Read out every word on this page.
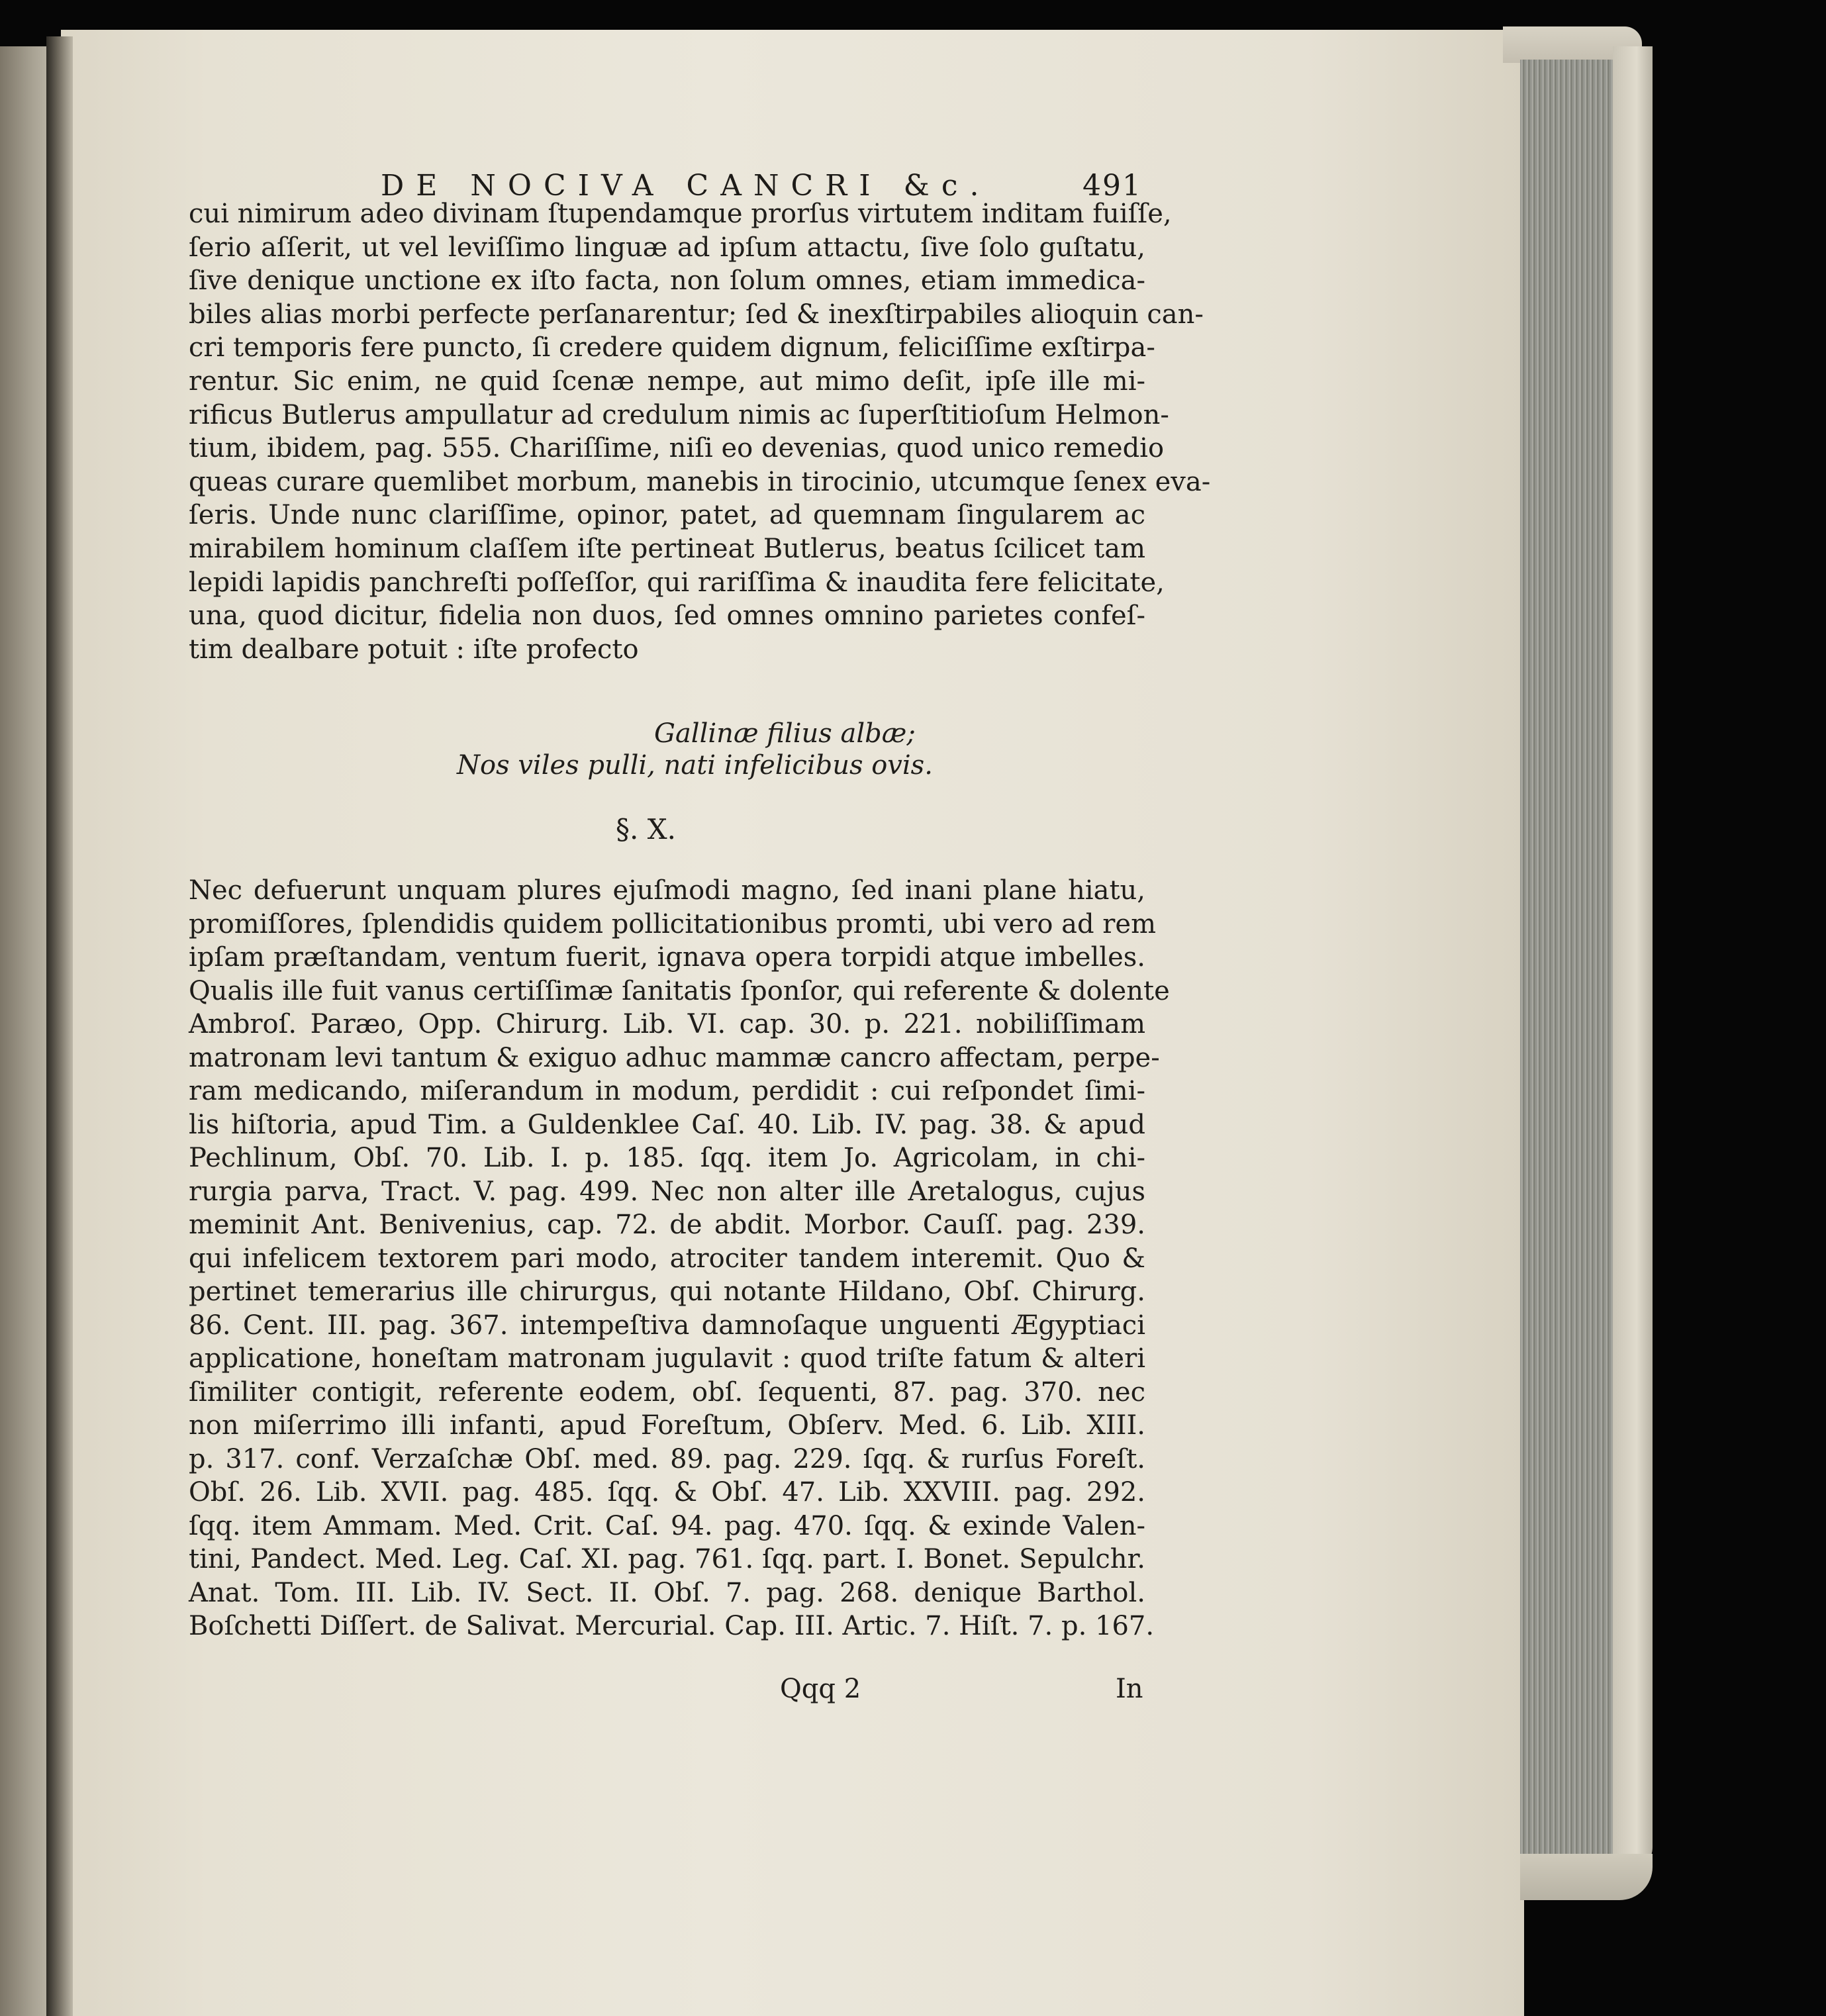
DE NOCIVA CANCRI &c.	491
cui nimirum adeo divinam ſtupendamque prorſus virtutem inditam fuiſſe,
ſerio aſſerit, ut vel leviſſimo linguæ ad ipſum attactu, ſive ſolo guſtatu,
ſive denique unctione ex iſto facta, non ſolum omnes, etiam immedica-
biles alias morbi perfecte perſanarentur; ſed & inexſtirpabiles alioquin can-
cri temporis fere puncto, ſi credere quidem dignum, feliciſſime exſtirpa-
rentur. Sic enim, ne quid ſcenæ nempe, aut mimo deſit, ipſe ille mi-
rificus Butlerus ampullatur ad credulum nimis ac ſuperſtitioſum Helmon-
tium, ibidem, pag. 555. Chariſſime, niſi eo devenias, quod unico remedio
queas curare quemlibet morbum, manebis in tirocinio, utcumque ſenex eva-
ſeris. Unde nunc clariſſime, opinor, patet, ad quemnam ſingularem ac
mirabilem hominum claſſem iſte pertineat Butlerus, beatus ſcilicet tam
lepidi lapidis panchreſti poſſeſſor, qui rariſſima & inaudita fere felicitate,
una, quod dicitur, fidelia non duos, ſed omnes omnino parietes confeſ-
tim dealbare potuit : iſte profecto
Gallinæ filius albæ;
Nos viles pulli, nati infelicibus ovis.
§. X.
Nec defuerunt unquam plures ejuſmodi magno, ſed inani plane hiatu,
promiſſores, ſplendidis quidem pollicitationibus promti, ubi vero ad rem
ipſam præſtandam, ventum fuerit, ignava opera torpidi atque imbelles.
Qualis ille fuit vanus certiſſimæ ſanitatis ſponſor, qui referente & dolente
Ambroſ. Paræo, Opp. Chirurg. Lib. VI. cap. 30. p. 221. nobiliſſimam
matronam levi tantum & exiguo adhuc mammæ cancro affectam, perpe-
ram medicando, miſerandum in modum, perdidit : cui reſpondet ſimi-
lis hiſtoria, apud Tim. a Guldenklee Caſ. 40. Lib. IV. pag. 38. & apud
Pechlinum, Obſ. 70. Lib. I. p. 185. ſqq. item Jo. Agricolam, in chi-
rurgia parva, Tract. V. pag. 499. Nec non alter ille Aretalogus, cujus
meminit Ant. Benivenius, cap. 72. de abdit. Morbor. Cauſſ. pag. 239.
qui infelicem textorem pari modo, atrociter tandem interemit. Quo &
pertinet temerarius ille chirurgus, qui notante Hildano, Obſ. Chirurg.
86. Cent. III. pag. 367. intempeſtiva damnoſaque unguenti Ægyptiaci
applicatione, honeſtam matronam jugulavit : quod triſte fatum & alteri
ſimiliter contigit, referente eodem, obſ. ſequenti, 87. pag. 370. nec
non miſerrimo illi infanti, apud Foreſtum, Obſerv. Med. 6. Lib. XIII.
p. 317. conf. Verzaſchæ Obſ. med. 89. pag. 229. ſqq. & rurſus Foreſt.
Obſ. 26. Lib. XVII. pag. 485. ſqq. & Obſ. 47. Lib. XXVIII. pag. 292.
ſqq. item Ammam. Med. Crit. Caſ. 94. pag. 470. ſqq. & exinde Valen-
tini, Pandect. Med. Leg. Caſ. XI. pag. 761. ſqq. part. I. Bonet. Sepulchr.
Anat. Tom. III. Lib. IV. Sect. II. Obſ. 7. pag. 268. denique Barthol.
Boſchetti Diſſert. de Salivat. Mercurial. Cap. III. Artic. 7. Hiſt. 7. p. 167.
Qqq 2	In
